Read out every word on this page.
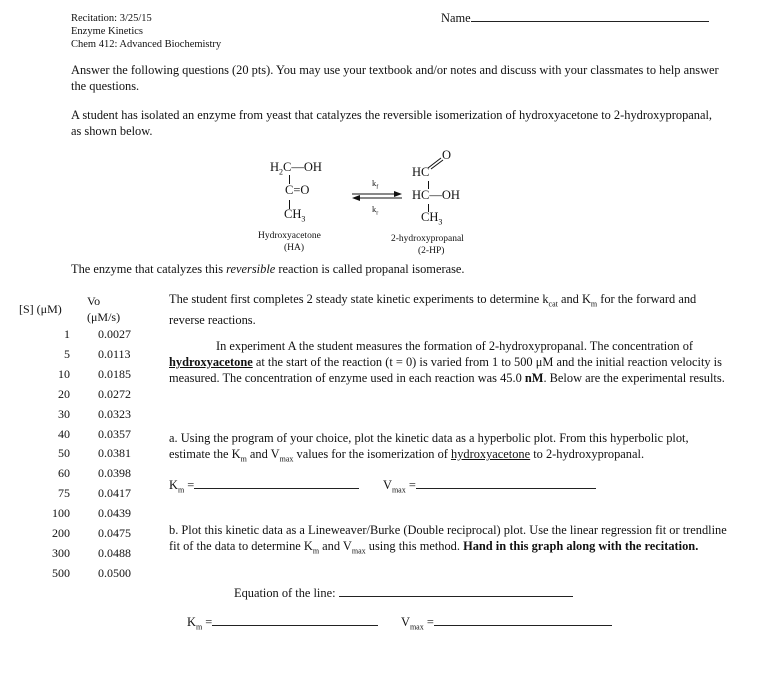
Recitation: 3/25/15
Enzyme Kinetics
Chem 412: Advanced Biochemistry
Name
Answer the following questions (20 pts). You may use your textbook and/or notes and discuss with your classmates to help answer the questions.
A student has isolated an enzyme from yeast that catalyzes the reversible isomerization of hydroxyacetone to 2-hydroxypropanal, as shown below.
$H_2C—OH$
C=O
$CH_3$
Hydroxyacetone
(HA)
$k_f$
$k_r$
O
HC
HC—OH
$CH_3$
2-hydroxypropanal
(2-HP)
The enzyme that catalyzes this reversible reaction is called propanal isomerase.
[S] (μM)
Vo
(μM/s)
1 0.0027
5 0.0113
10 0.0185
20 0.0272
30 0.0323
40 0.0357
50 0.0381
60 0.0398
75 0.0417
100 0.0439
200 0.0475
300 0.0488
500 0.0500
The student first completes 2 steady state kinetic experiments to determine $k_{cat}$ and $K_m$ for the forward and reverse reactions.
In experiment A the student measures the formation of 2-hydroxypropanal. The concentration of hydroxyacetone at the start of the reaction (t = 0) is varied from 1 to 500 μM and the initial reaction velocity is measured. The concentration of enzyme used in each reaction was 45.0 nM. Below are the experimental results.
a. Using the program of your choice, plot the kinetic data as a hyperbolic plot. From this hyperbolic plot, estimate the $K_m$ and $V_{max}$ values for the isomerization of hydroxyacetone to 2-hydroxypropanal.
$K_m$ =	$V_{max}$ =
b. Plot this kinetic data as a Lineweaver/Burke (Double reciprocal) plot. Use the linear regression fit or trendline fit of the data to determine $K_m$ and $V_{max}$ using this method. Hand in this graph along with the recitation.
Equation of the line:
$K_m$ =	$V_{max}$ =
